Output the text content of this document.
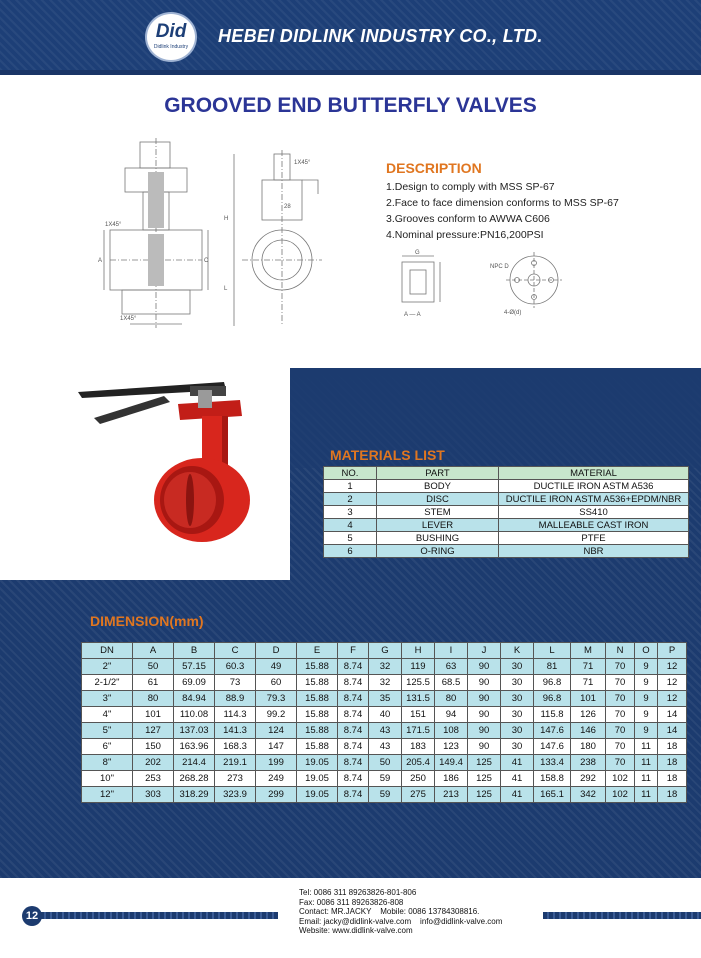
Did
Didlink Industry
HEBEI DIDLINK INDUSTRY CO., LTD.
GROOVED END BUTTERFLY VALVES
1X45°
1X45°
A	C
1X45°
H
L
28
DESCRIPTION
1.Design to comply with MSS SP-67
2.Face to face dimension conforms to MSS SP-67
3.Grooves conform to AWWA C606
4.Nominal pressure:PN16,200PSI
G
A — A
NPC D
4-Ø(d)
MATERIALS LIST
NO.	PART	MATERIAL
1	BODY	DUCTILE IRON ASTM A536
2	DISC	DUCTILE IRON ASTM A536+EPDM/NBR
3	STEM	SS410
4	LEVER	MALLEABLE CAST IRON
5	BUSHING	PTFE
6	O-RING	NBR
DIMENSION(mm)
DN	A	B	C	D	E	F	G	H	I	J	K	L	M	N	O	P
2"	50	57.15	60.3	49	15.88	8.74	32	119	63	90	30	81	71	70	9	12
2-1/2"	61	69.09	73	60	15.88	8.74	32	125.5	68.5	90	30	96.8	71	70	9	12
3"	80	84.94	88.9	79.3	15.88	8.74	35	131.5	80	90	30	96.8	101	70	9	12
4"	101	110.08	114.3	99.2	15.88	8.74	40	151	94	90	30	115.8	126	70	9	14
5"	127	137.03	141.3	124	15.88	8.74	43	171.5	108	90	30	147.6	146	70	9	14
6"	150	163.96	168.3	147	15.88	8.74	43	183	123	90	30	147.6	180	70	11	18
8"	202	214.4	219.1	199	19.05	8.74	50	205.4	149.4	125	41	133.4	238	70	11	18
10"	253	268.28	273	249	19.05	8.74	59	250	186	125	41	158.8	292	102	11	18
12"	303	318.29	323.9	299	19.05	8.74	59	275	213	125	41	165.1	342	102	11	18
Tel: 0086 311 89263826-801-806
Fax: 0086 311 89263826-808
Contact: MR.JACKY    Mobile: 0086 13784308816.
Email: jacky@didlink-valve.com    info@didlink-valve.com
Website: www.didlink-valve.com
12
